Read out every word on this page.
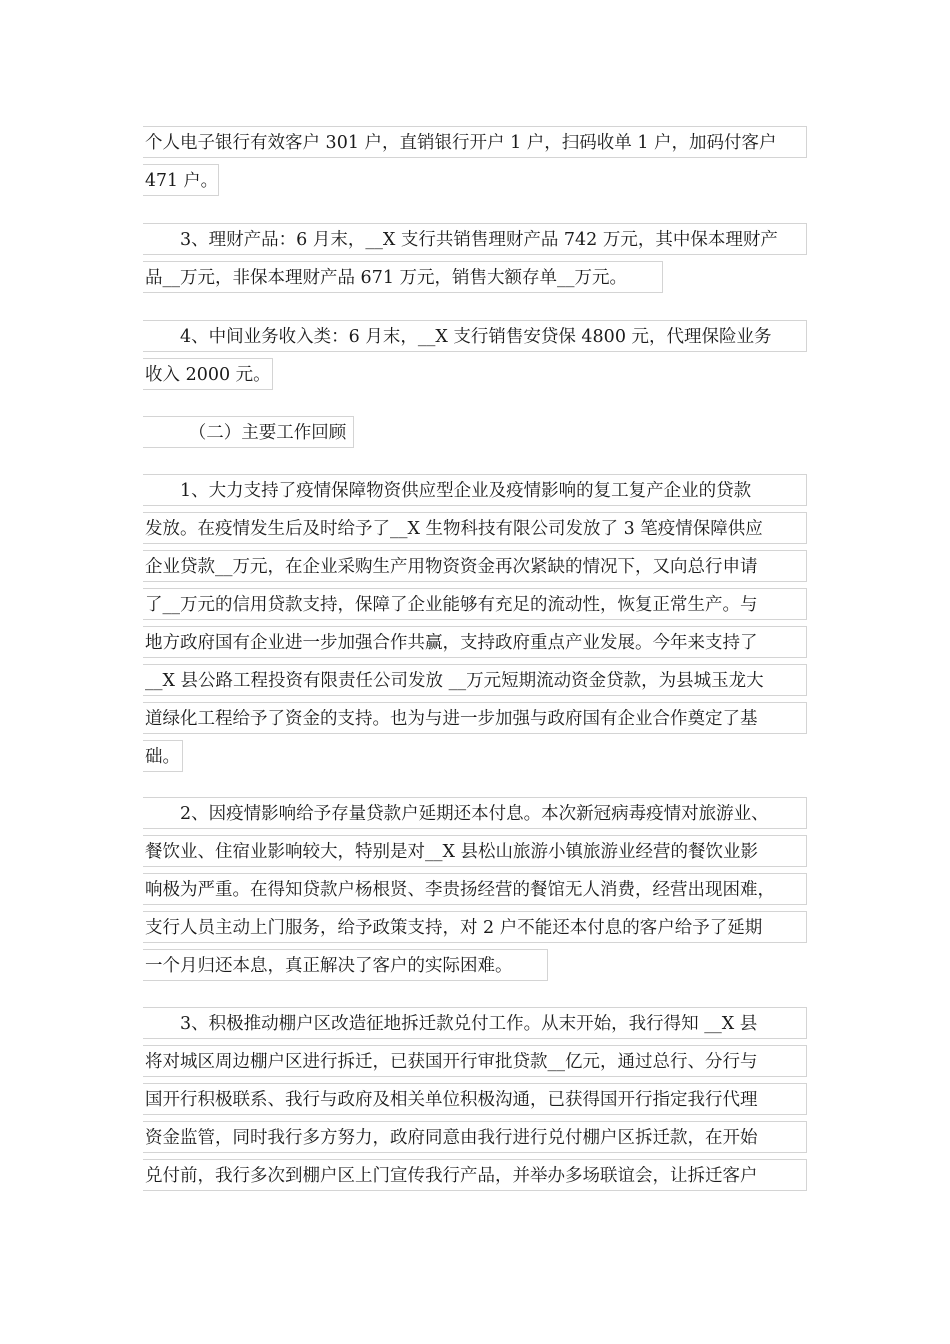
个人电子银行有效客户 301 户，直销银行开户 1 户，扫码收单 1 户，加码付客户
471 户。
　　3、理财产品：6 月末，__X 支行共销售理财产品 742 万元，其中保本理财产
品__万元，非保本理财产品 671 万元，销售大额存单__万元。
　　4、中间业务收入类：6 月末，__X 支行销售安贷保 4800 元，代理保险业务
收入 2000 元。
　　　（二）主要工作回顾
　　1、大力支持了疫情保障物资供应型企业及疫情影响的复工复产企业的贷款
发放。在疫情发生后及时给予了__X 生物科技有限公司发放了 3 笔疫情保障供应
企业贷款__万元，在企业采购生产用物资资金再次紧缺的情况下，又向总行申请
了__万元的信用贷款支持，保障了企业能够有充足的流动性，恢复正常生产。与
地方政府国有企业进一步加强合作共赢，支持政府重点产业发展。今年来支持了
__X 县公路工程投资有限责任公司发放 __万元短期流动资金贷款，为县城玉龙大
道绿化工程给予了资金的支持。也为与进一步加强与政府国有企业合作奠定了基
础。
　　2、因疫情影响给予存量贷款户延期还本付息。本次新冠病毒疫情对旅游业、
餐饮业、住宿业影响较大，特别是对__X 县松山旅游小镇旅游业经营的餐饮业影
响极为严重。在得知贷款户杨根贤、李贵扬经营的餐馆无人消费，经营出现困难，
支行人员主动上门服务，给予政策支持，对 2 户不能还本付息的客户给予了延期
一个月归还本息，真正解决了客户的实际困难。
　　3、积极推动棚户区改造征地拆迁款兑付工作。从末开始，我行得知 __X 县
将对城区周边棚户区进行拆迁，已获国开行审批贷款__亿元，通过总行、分行与
国开行积极联系、我行与政府及相关单位积极沟通，已获得国开行指定我行代理
资金监管，同时我行多方努力，政府同意由我行进行兑付棚户区拆迁款，在开始
兑付前，我行多次到棚户区上门宣传我行产品，并举办多场联谊会，让拆迁客户
